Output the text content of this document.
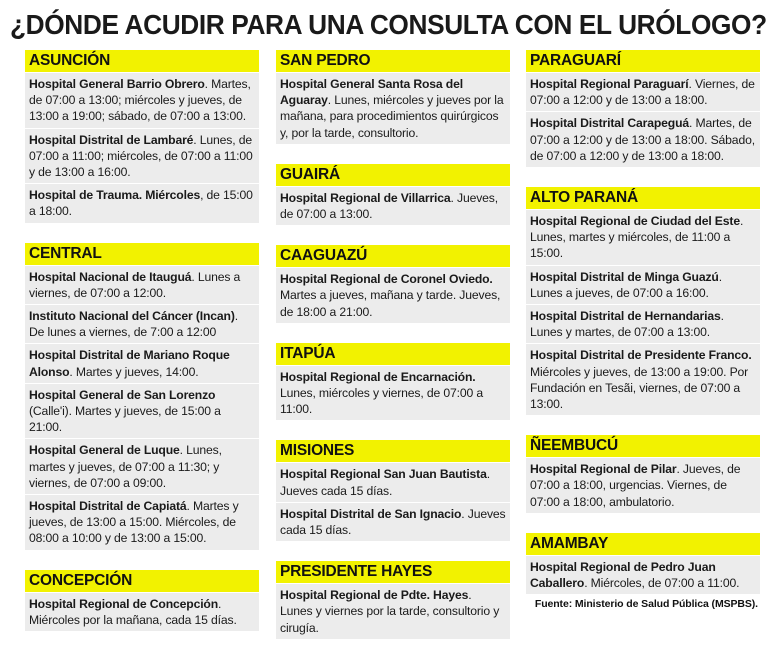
¿DÓNDE ACUDIR PARA UNA CONSULTA CON EL URÓLOGO?
ASUNCIÓN
Hospital General Barrio Obrero. Martes, de 07:00 a 13:00; miércoles y jueves, de 13:00 a 19:00; sábado, de 07:00 a 13:00.
Hospital Distrital de Lambaré. Lunes, de 07:00 a 11:00; miércoles, de 07:00 a 11:00 y de 13:00 a 16:00.
Hospital de Trauma. Miércoles, de 15:00 a 18:00.
CENTRAL
Hospital Nacional de Itauguá. Lunes a viernes, de 07:00 a 12:00.
Instituto Nacional del Cáncer (Incan). De lunes a viernes, de 7:00 a 12:00
Hospital Distrital de Mariano Roque Alonso. Martes y jueves, 14:00.
Hospital General de San Lorenzo (Calle'i). Martes y jueves, de 15:00 a 21:00.
Hospital General de Luque. Lunes, martes y jueves, de 07:00 a 11:30; y viernes, de 07:00 a 09:00.
Hospital Distrital de Capiatá. Martes y jueves, de 13:00 a 15:00. Miércoles, de 08:00 a 10:00 y de 13:00 a 15:00.
CONCEPCIÓN
Hospital Regional de Concepción. Miércoles por la mañana, cada 15 días.
SAN PEDRO
Hospital General Santa Rosa del Aguaray. Lunes, miércoles y jueves por la mañana, para procedimientos quirúrgicos y, por la tarde, consultorio.
GUAIRÁ
Hospital Regional de Villarrica. Jueves, de 07:00 a 13:00.
CAAGUAZÚ
Hospital Regional de Coronel Oviedo. Martes a jueves, mañana y tarde. Jueves, de 18:00 a 21:00.
ITAPÚA
Hospital Regional de Encarnación. Lunes, miércoles y viernes, de 07:00 a 11:00.
MISIONES
Hospital Regional San Juan Bautista. Jueves cada 15 días.
Hospital Distrital de San Ignacio. Jueves cada 15 días.
PRESIDENTE HAYES
Hospital Regional de Pdte. Hayes. Lunes y viernes por la tarde, consultorio y cirugía.
PARAGUARÍ
Hospital Regional Paraguarí. Viernes, de 07:00 a 12:00 y de 13:00 a 18:00.
Hospital Distrital Carapeguá. Martes, de 07:00 a 12:00 y de 13:00 a 18:00. Sábado, de 07:00 a 12:00 y de 13:00 a 18:00.
ALTO PARANÁ
Hospital Regional de Ciudad del Este. Lunes, martes y miércoles, de 11:00 a 15:00.
Hospital Distrital de Minga Guazú. Lunes a jueves, de 07:00 a 16:00.
Hospital Distrital de Hernandarias. Lunes y martes, de 07:00 a 13:00.
Hospital Distrital de Presidente Franco. Miércoles y jueves, de 13:00 a 19:00. Por Fundación en Tesãi, viernes, de 07:00 a 13:00.
ÑEEMBUCÚ
Hospital Regional de Pilar. Jueves, de 07:00 a 18:00, urgencias. Viernes, de 07:00 a 18:00, ambulatorio.
AMAMBAY
Hospital Regional de Pedro Juan Caballero. Miércoles, de 07:00 a 11:00.
Fuente: Ministerio de Salud Pública (MSPBS).
